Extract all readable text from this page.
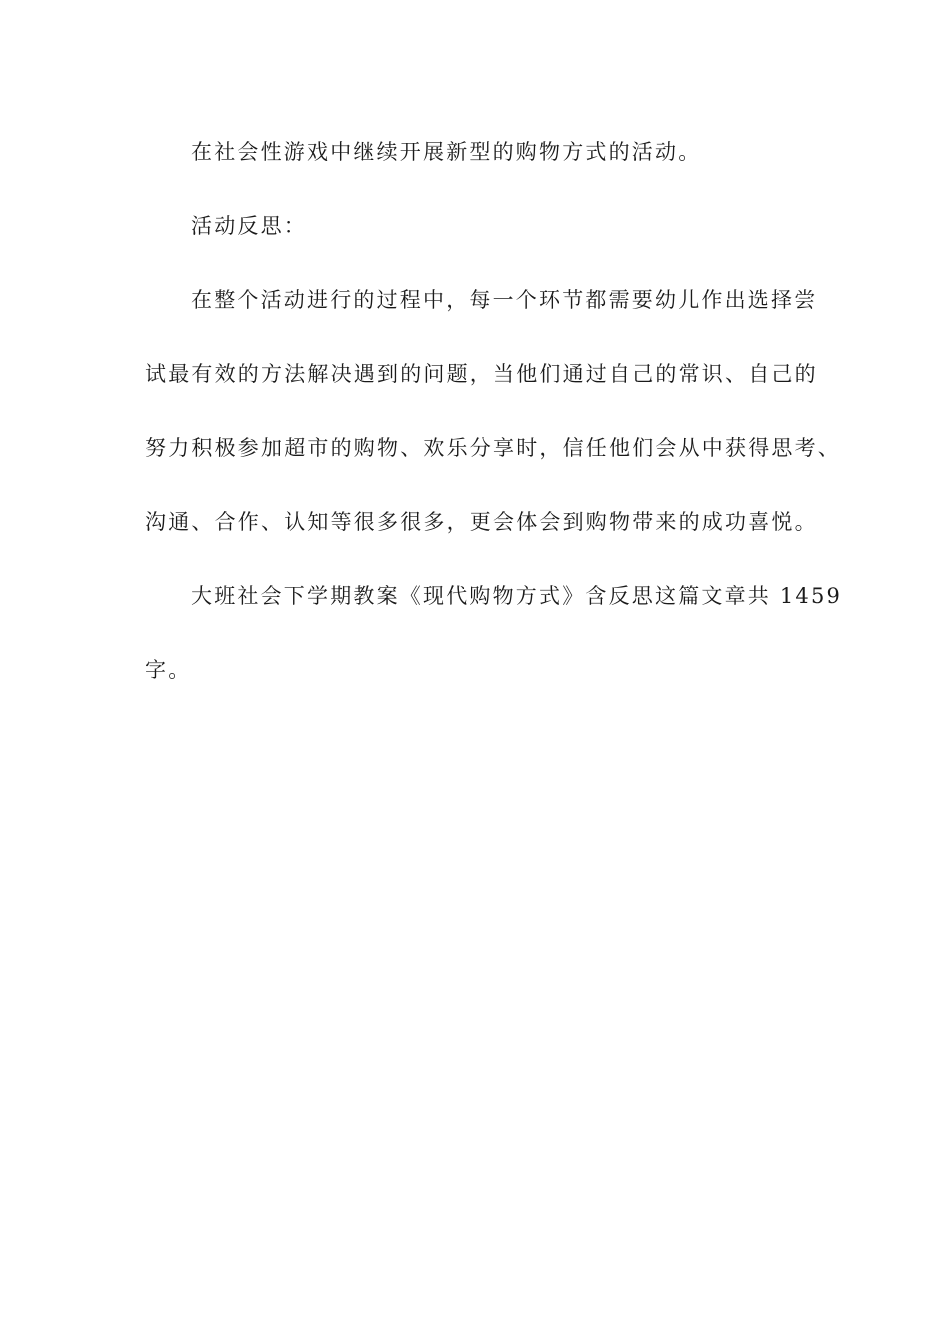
在社会性游戏中继续开展新型的购物方式的活动。
活动反思：
在整个活动进行的过程中，每一个环节都需要幼儿作出选择尝
试最有效的方法解决遇到的问题，当他们通过自己的常识、自己的
努力积极参加超市的购物、欢乐分享时，信任他们会从中获得思考、
沟通、合作、认知等很多很多，更会体会到购物带来的成功喜悦。
大班社会下学期教案《现代购物方式》含反思这篇文章共 1459
字。
